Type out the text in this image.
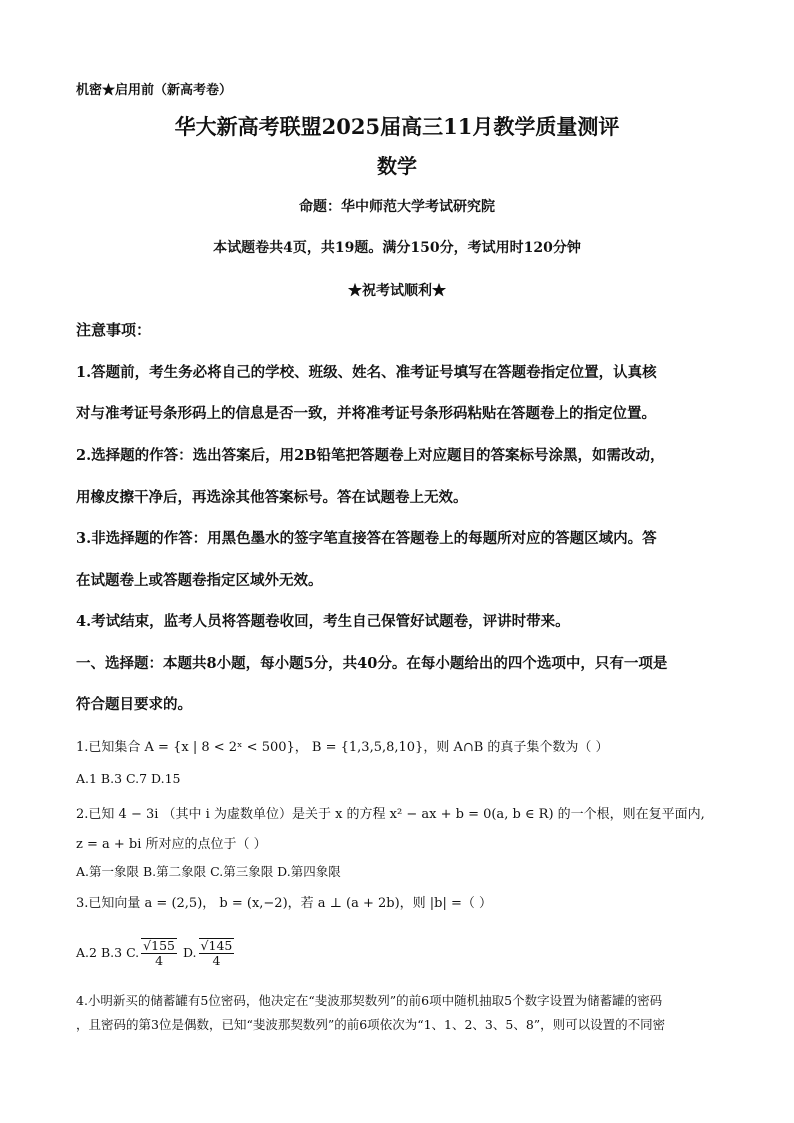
机密★启用前（新高考卷）
华大新高考联盟2025届高三11月教学质量测评
数学
命题：华中师范大学考试研究院
本试题卷共4页，共19题。满分150分，考试用时120分钟
★祝考试顺利★
注意事项：
1.答题前，考生务必将自己的学校、班级、姓名、准考证号填写在答题卷指定位置，认真核
对与准考证号条形码上的信息是否一致，并将准考证号条形码粘贴在答题卷上的指定位置。
2.选择题的作答：选出答案后，用2B铅笔把答题卷上对应题目的答案标号涂黑，如需改动，
用橡皮擦干净后，再选涂其他答案标号。答在试题卷上无效。
3.非选择题的作答：用黑色墨水的签字笔直接答在答题卷上的每题所对应的答题区域内。答
在试题卷上或答题卷指定区域外无效。
4.考试结束，监考人员将答题卷收回，考生自己保管好试题卷，评讲时带来。
一、选择题：本题共8小题，每小题5分，共40分。在每小题给出的四个选项中，只有一项是
符合题目要求的。
1.已知集合 A = {x | 8 < 2ˣ < 500}， B = {1,3,5,8,10}，则 A∩B 的真子集个数为（ ）
A.1 B.3 C.7 D.15
2.已知 4 − 3i （其中 i 为虚数单位）是关于 x 的方程 x² − ax + b = 0(a, b ∈ R) 的一个根，则在复平面内,
z = a + bi 所对应的点位于（ ）
A.第一象限 B.第二象限 C.第三象限 D.第四象限
3.已知向量 a = (2,5)， b = (x,−2)，若 a ⊥ (a + 2b)，则 |b| =（ ）
A.2 B.3 C. $\frac{√155}{4} D$. $\frac{√145}{4}$
4.小明新买的储蓄罐有5位密码，他决定在“斐波那契数列”的前6项中随机抽取5个数字设置为储蓄罐的密码
，且密码的第3位是偶数，已知“斐波那契数列”的前6项依次为“1、1、2、3、5、8”，则可以设置的不同密
